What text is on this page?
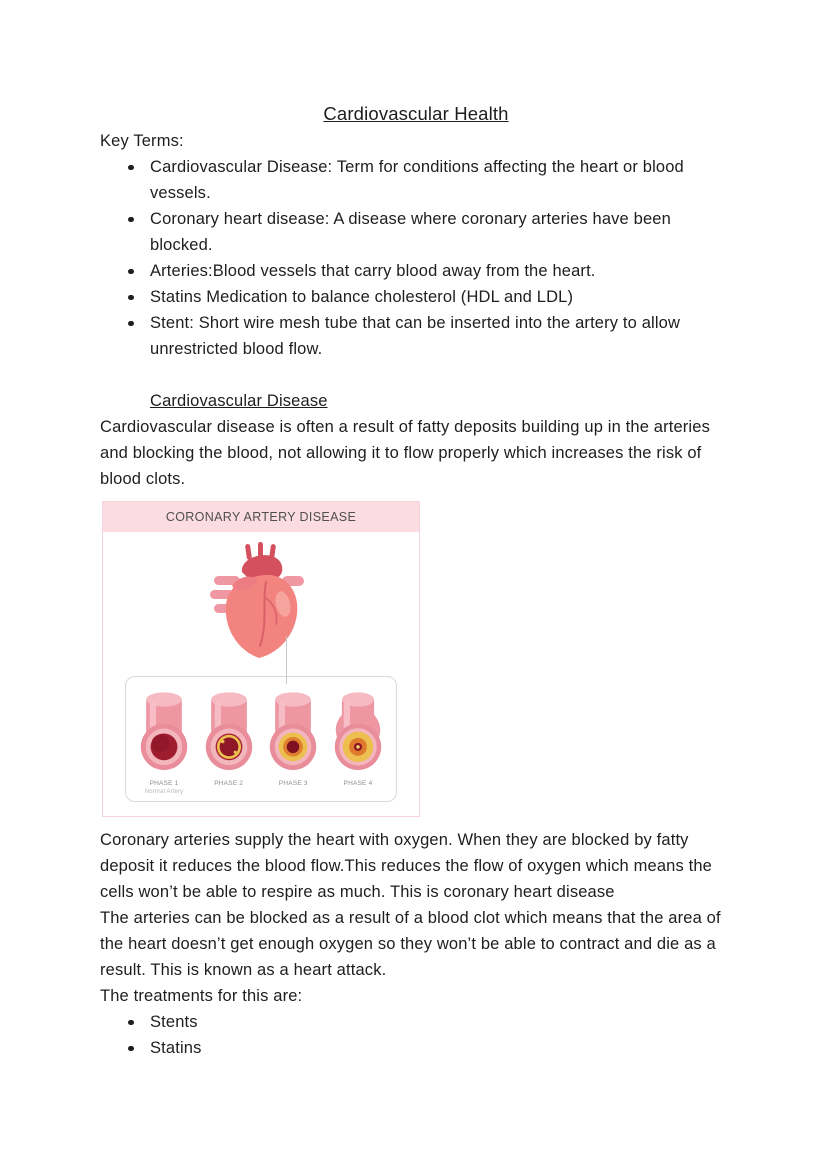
Cardiovascular Health

Key Terms:

Cardiovascular Disease: Term for conditions affecting the heart or blood vessels.
Coronary heart disease: A disease where coronary arteries have been blocked.
Arteries:Blood vessels that carry blood away from the heart.
Statins Medication to balance cholesterol (HDL and LDL)
Stent: Short wire mesh tube that can be inserted into the artery to allow unrestricted blood flow.
Cardiovascular Disease

Cardiovascular disease is often a result of fatty deposits building up in the arteries and blocking the blood, not allowing it to flow properly which increases the risk of blood clots.

CORONARY ARTERY DISEASE
PHASE 1
Normal Artery
PHASE 2	PHASE 3	PHASE 4

Coronary arteries supply the heart with oxygen. When they are blocked by fatty deposit it reduces the blood flow.This reduces the flow of oxygen which means the cells won’t be able to respire as much. This is coronary heart disease

The arteries can be blocked as a result of a blood clot which means that the area of the heart doesn’t get enough oxygen so they won’t be able to contract and die as a result. This is known as a heart attack.

The treatments for this are:

Stents
Statins
